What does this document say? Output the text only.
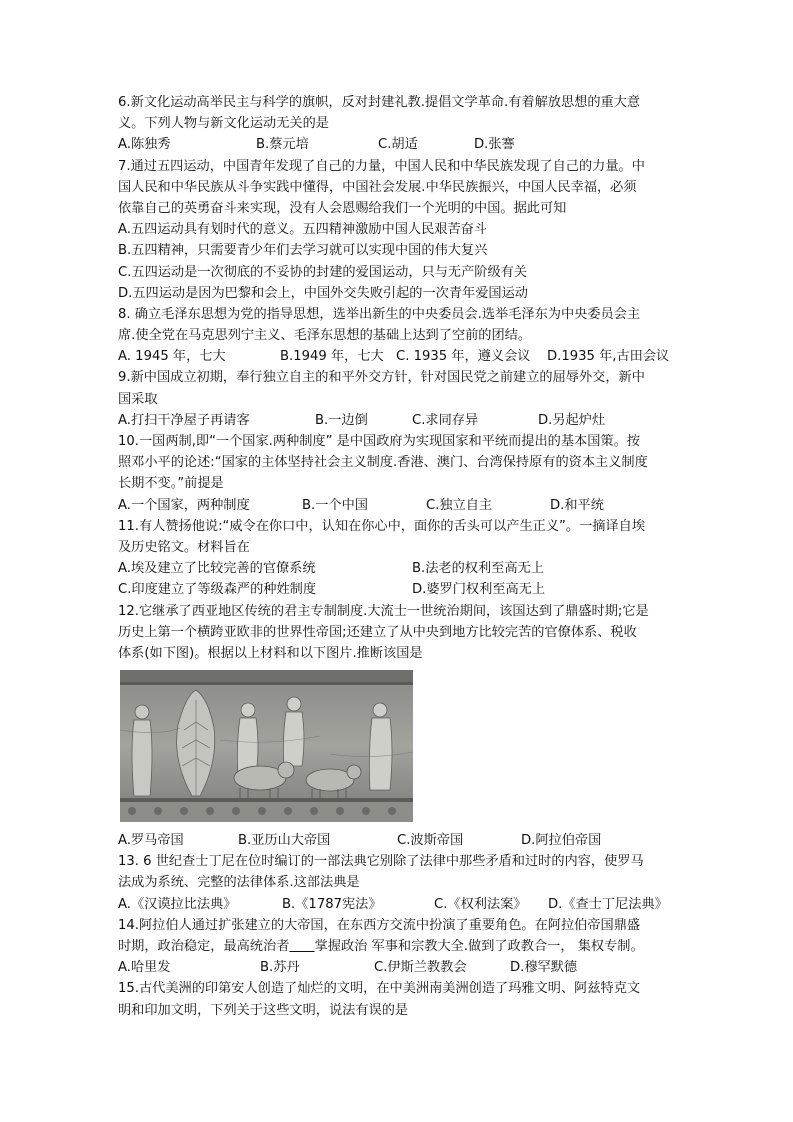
6.新文化运动高举民主与科学的旗帜，反对封建礼教.提倡文学革命.有着解放思想的重大意
义。下列人物与新文化运动无关的是
A.陈独秀	B.蔡元培	C.胡适	D.张謇
7.通过五四运动，中国青年发现了自己的力量，中国人民和中华民族发现了自己的力量。中
国人民和中华民族从斗争实践中懂得，中国社会发展.中华民族振兴，中国人民幸福，必须
依靠自己的英勇奋斗来实现，没有人会恩赐给我们一个光明的中国。据此可知
A.五四运动具有划时代的意义。五四精神激励中国人民艰苦奋斗
B.五四精神，只需要青少年们去学习就可以实现中国的伟大复兴
C.五四运动是一次彻底的不妥协的封建的爱国运动，只与无产阶级有关
D.五四运动是因为巴黎和会上，中国外交失败引起的一次青年爱国运动
8. 确立毛泽东思想为党的指导思想，选举出新生的中央委员会.选举毛泽东为中央委员会主
席.使全党在马克思列宁主义、毛泽东思想的基础上达到了空前的团结。
A. 1945 年，七大	B.1949 年，七大 C. 1935 年，遵义会议	D.1935 年,古田会议
9.新中国成立初期，奉行独立自主的和平外交方针，针对国民党之前建立的屈辱外交，新中
国采取
A.打扫干净屋子再请客	B.一边倒	C.求同存异	D.另起炉灶
10.一国两制,即“一个国家.两种制度” 是中国政府为实现国家和平统而提出的基本国策。按
照邓小平的论述:“国家的主体坚持社会主义制度.香港、澳门、台湾保持原有的资本主义制度
长期不变。”前提是
A.一个国家，两种制度	B.一个中国	C.独立自主	D.和平统
11.有人赞扬他说:“威令在你口中，认知在你心中，面你的舌头可以产生正义”。一摘译自埃
及历史铭文。材料旨在
A.埃及建立了比较完善的官僚系统	B.法老的权利至高无上
C.印度建立了等级森严的种姓制度	D.婆罗门权利至高无上
12.它继承了西亚地区传统的君主专制制度.大流士一世统治期间，该国达到了鼎盛时期;它是
历史上第一个横跨亚欧非的世界性帝国;还建立了从中央到地方比较完苦的官僚体系、税收
体系(如下图)。根据以上材料和以下图片.推断该国是
A.罗马帝国	B.亚历山大帝国	C.波斯帝国	D.阿拉伯帝国
13. 6 世纪查士丁尼在位时编订的一部法典它别除了法律中那些矛盾和过时的内容，使罗马
法成为系统、完整的法律体系.这部法典是
A.《汉谟拉比法典》	B.《1787宪法》	C.《权利法案》	D.《查士丁尼法典》
14.阿拉伯人通过扩张建立的大帝国，在东西方交流中扮演了重要角色。在阿拉伯帝国鼎盛
时期，政治稳定，最高统治者 掌握政治 军事和宗教大全.做到了政教合一， 集权专制。
A.哈里发	B.苏丹	C.伊斯兰教教会	D.穆罕默德
15.古代美洲的印第安人创造了灿烂的文明，在中美洲南美洲创造了玛雅文明、阿兹特克文
明和印加文明，下列关于这些文明，说法有误的是
